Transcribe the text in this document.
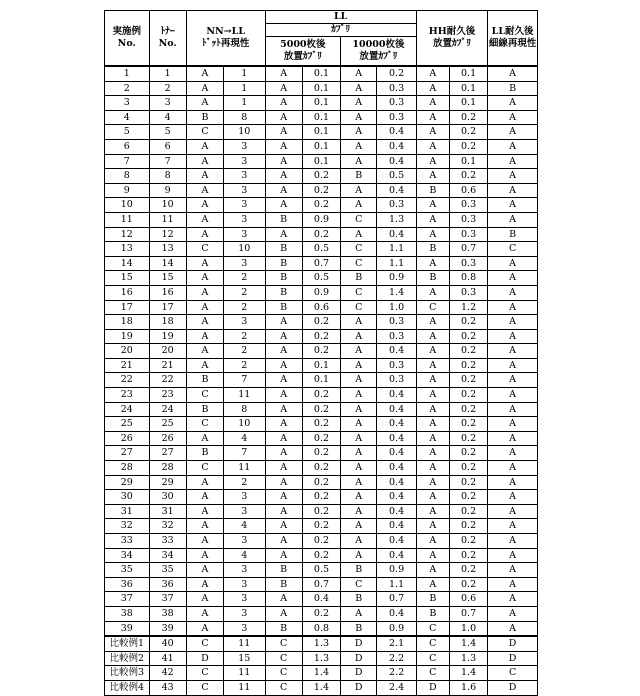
実施例
No.	ﾄﾅｰ
No.	NN→LL
ﾄﾞｯﾄ再現性	LL	HH耐久後
放置ｶﾌﾞﾘ	LL耐久後
細線再現性
ｶﾌﾞﾘ
5000枚後
放置ｶﾌﾞﾘ	10000枚後
放置ｶﾌﾞﾘ
1	1	A	1	A	0.1	A	0.2	A	0.1	A
2	2	A	1	A	0.1	A	0.3	A	0.1	B
3	3	A	1	A	0.1	A	0.3	A	0.1	A
4	4	B	8	A	0.1	A	0.3	A	0.2	A
5	5	C	10	A	0.1	A	0.4	A	0.2	A
6	6	A	3	A	0.1	A	0.4	A	0.2	A
7	7	A	3	A	0.1	A	0.4	A	0.1	A
8	8	A	3	A	0.2	B	0.5	A	0.2	A
9	9	A	3	A	0.2	A	0.4	B	0.6	A
10	10	A	3	A	0.2	A	0.3	A	0.3	A
11	11	A	3	B	0.9	C	1.3	A	0.3	A
12	12	A	3	A	0.2	A	0.4	A	0.3	B
13	13	C	10	B	0.5	C	1.1	B	0.7	C
14	14	A	3	B	0.7	C	1.1	A	0.3	A
15	15	A	2	B	0.5	B	0.9	B	0.8	A
16	16	A	2	B	0.9	C	1.4	A	0.3	A
17	17	A	2	B	0.6	C	1.0	C	1.2	A
18	18	A	3	A	0.2	A	0.3	A	0.2	A
19	19	A	2	A	0.2	A	0.3	A	0.2	A
20	20	A	2	A	0.2	A	0.4	A	0.2	A
21	21	A	2	A	0.1	A	0.3	A	0.2	A
22	22	B	7	A	0.1	A	0.3	A	0.2	A
23	23	C	11	A	0.2	A	0.4	A	0.2	A
24	24	B	8	A	0.2	A	0.4	A	0.2	A
25	25	C	10	A	0.2	A	0.4	A	0.2	A
26	26	A	4	A	0.2	A	0.4	A	0.2	A
27	27	B	7	A	0.2	A	0.4	A	0.2	A
28	28	C	11	A	0.2	A	0.4	A	0.2	A
29	29	A	2	A	0.2	A	0.4	A	0.2	A
30	30	A	3	A	0.2	A	0.4	A	0.2	A
31	31	A	3	A	0.2	A	0.4	A	0.2	A
32	32	A	4	A	0.2	A	0.4	A	0.2	A
33	33	A	3	A	0.2	A	0.4	A	0.2	A
34	34	A	4	A	0.2	A	0.4	A	0.2	A
35	35	A	3	B	0.5	B	0.9	A	0.2	A
36	36	A	3	B	0.7	C	1.1	A	0.2	A
37	37	A	3	A	0.4	B	0.7	B	0.6	A
38	38	A	3	A	0.2	A	0.4	B	0.7	A
39	39	A	3	B	0.8	B	0.9	C	1.0	A
比較例1	40	C	11	C	1.3	D	2.1	C	1.4	D
比較例2	41	D	15	C	1.3	D	2.2	C	1.3	D
比較例3	42	C	11	C	1.4	D	2.2	C	1.4	C
比較例4	43	C	11	C	1.4	D	2.4	D	1.6	D
